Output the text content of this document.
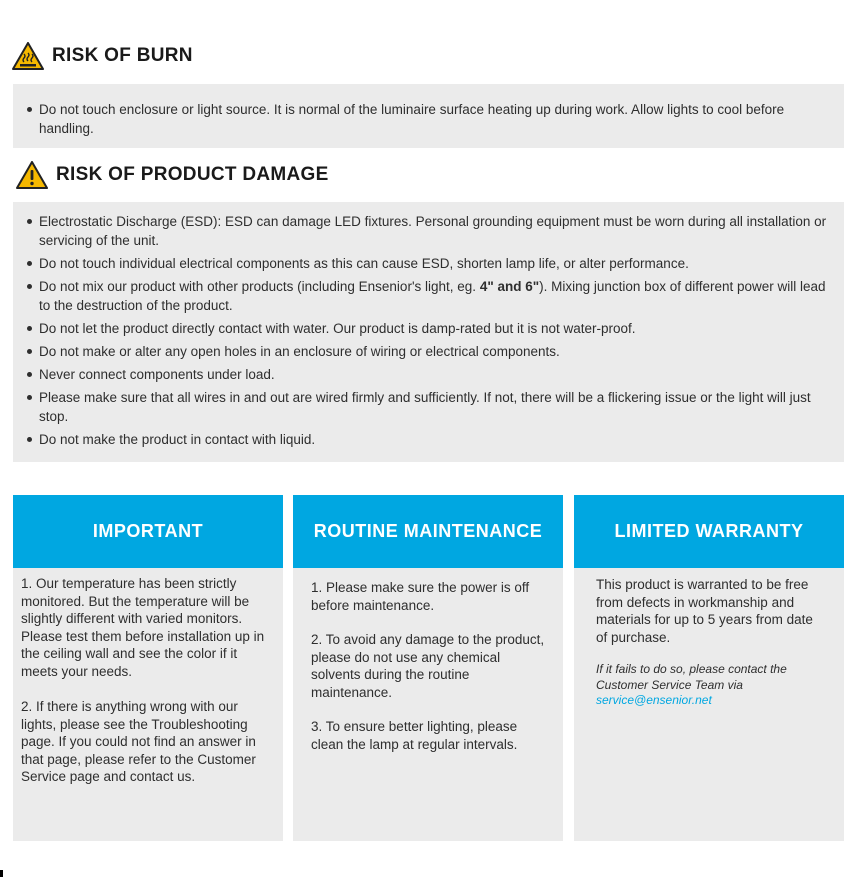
RISK OF BURN
Do not touch enclosure or light source. It is normal of the luminaire surface heating up during work. Allow lights to cool before handling.
RISK OF PRODUCT DAMAGE
Electrostatic Discharge (ESD): ESD can damage LED fixtures. Personal grounding equipment must be worn during all installation or servicing of the unit.
Do not touch individual electrical components as this can cause ESD, shorten lamp life, or alter performance.
Do not mix our product with other products (including Ensenior's light, eg. 4" and 6"). Mixing junction box of different power will lead to the destruction of the product.
Do not let the product directly contact with water. Our product is damp-rated but it is not water-proof.
Do not make or alter any open holes in an enclosure of wiring or electrical components.
Never connect components under load.
Please make sure that all wires in and out are wired firmly and sufficiently. If not, there will be a flickering issue or the light will just stop.
Do not make the product in contact with liquid.
IMPORTANT

1. Our temperature has been strictly monitored. But the temperature will be slightly different with varied monitors. Please test them before installation up in the ceiling wall and see the color if it meets your needs.

2. If there is anything wrong with our lights, please see the Troubleshooting page. If you could not find an answer in that page, please refer to the Customer Service page and contact us.

ROUTINE MAINTENANCE

1. Please make sure the power is off before maintenance.

2. To avoid any damage to the product, please do not use any chemical solvents during the routine maintenance.

3. To ensure better lighting, please clean the lamp at regular intervals.

LIMITED WARRANTY

This product is warranted to be free from defects in workmanship and materials for up to 5 years from date of purchase.

If it fails to do so, please contact the Customer Service Team via

service@ensenior.net
